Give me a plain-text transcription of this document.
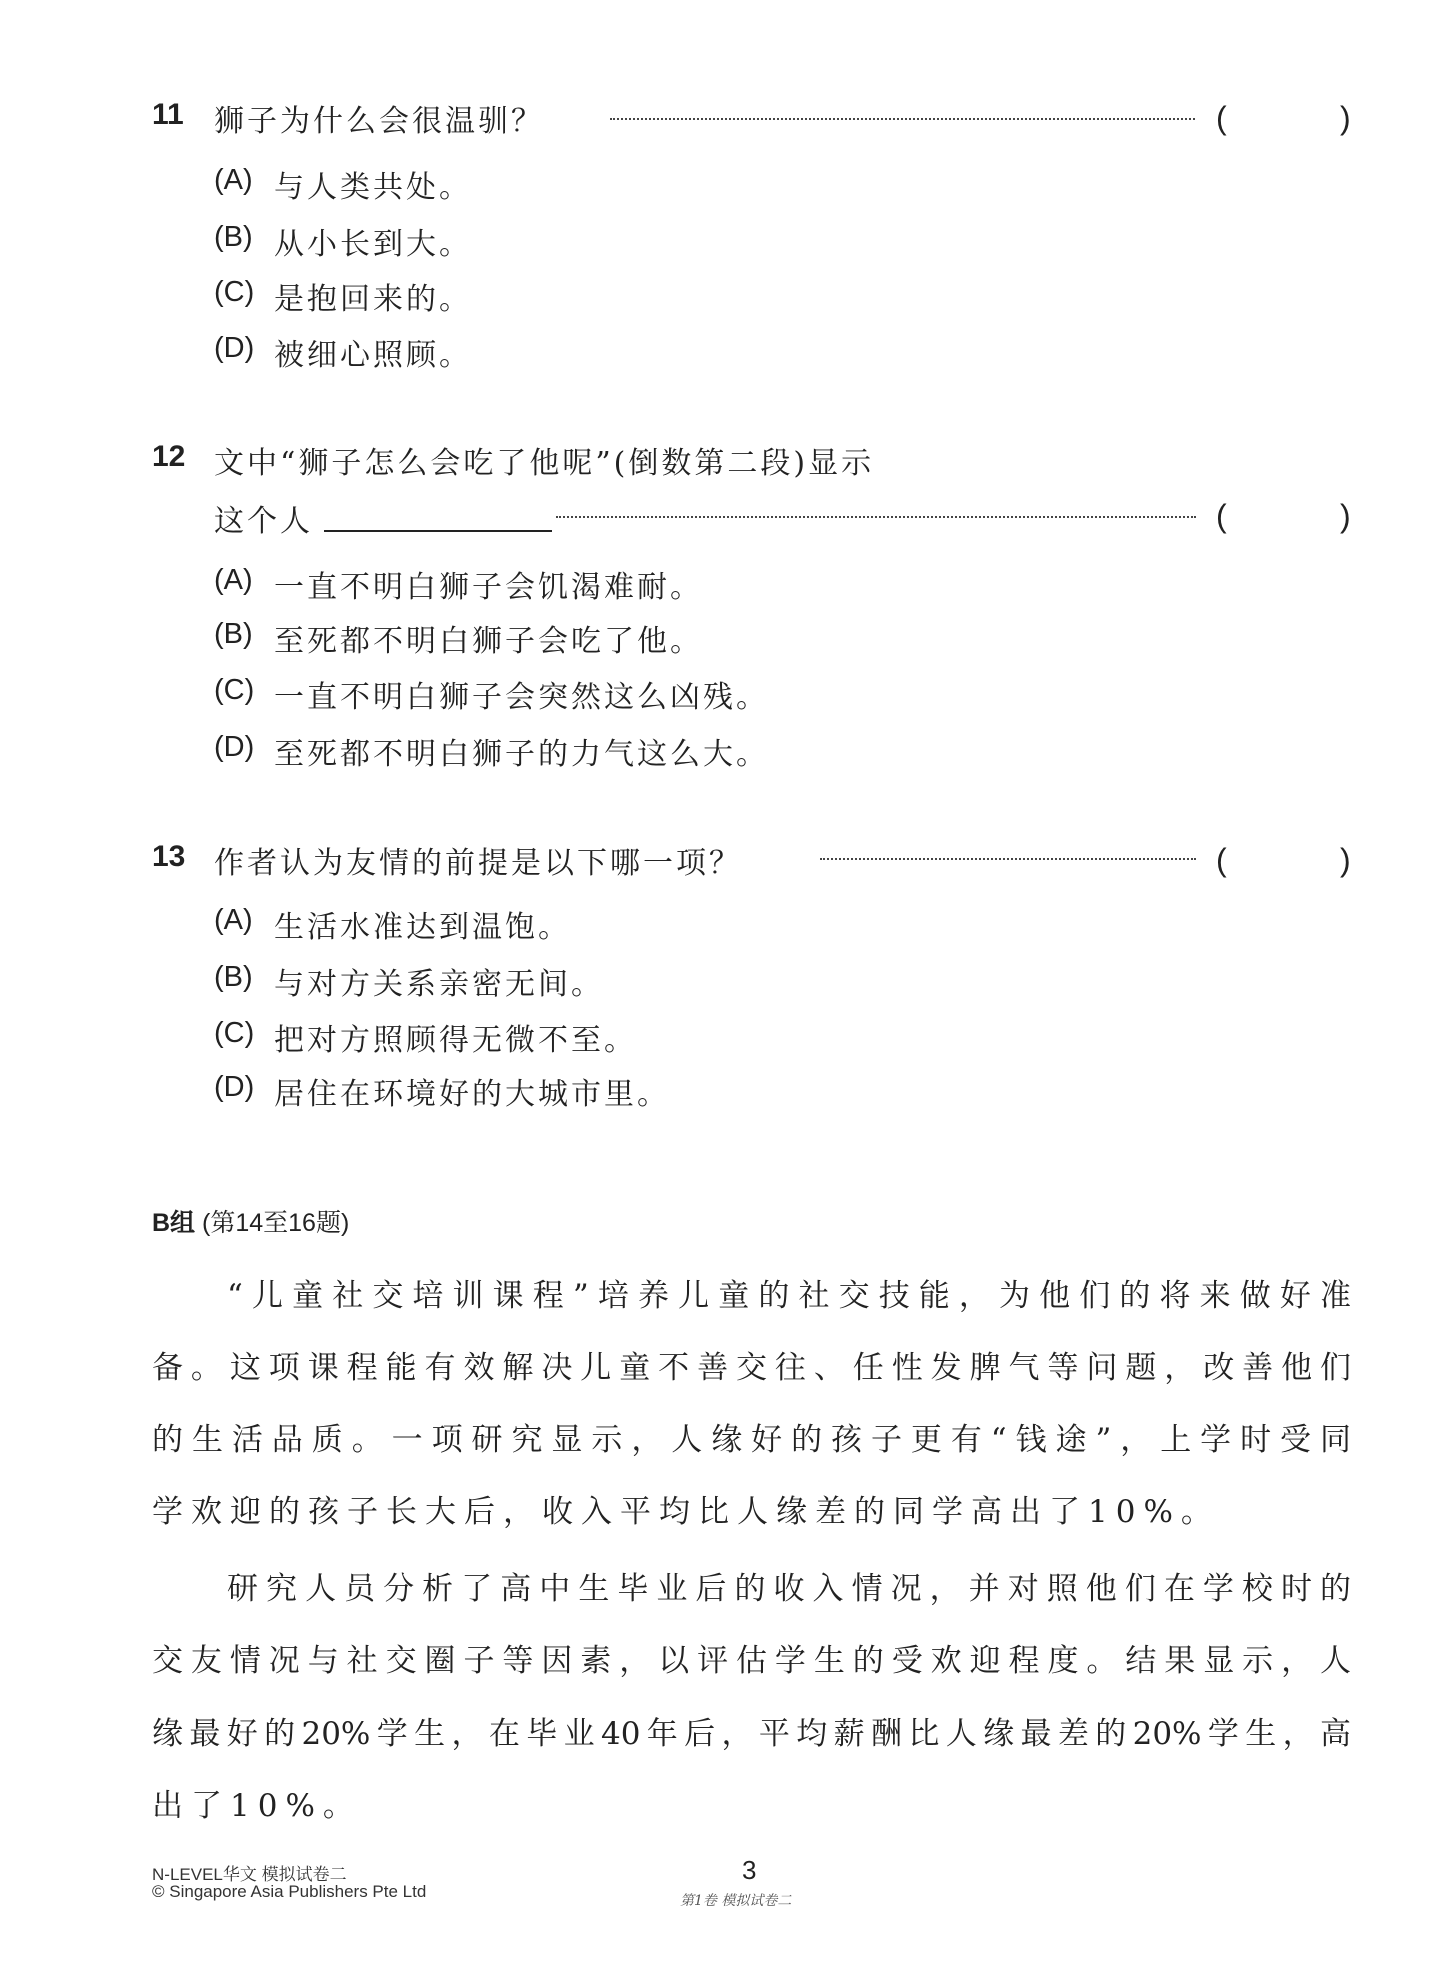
11 狮子为什么会很温驯？	(	)
12 文中“狮子怎么会吃了他呢”(倒数第二段)显示
这个人	(	)
13 作者认为友情的前提是以下哪一项？	(	)
(A) 与人类共处。
(B) 从小长到大。
(C) 是抱回来的。
(D) 被细心照顾。
(A) 一直不明白狮子会饥渴难耐。
(B) 至死都不明白狮子会吃了他。
(C) 一直不明白狮子会突然这么凶残。
(D) 至死都不明白狮子的力气这么大。
(A) 生活水准达到温饱。
(B) 与对方关系亲密无间。
(C) 把对方照顾得无微不至。
(D) 居住在环境好的大城市里。
B组 (第14至16题)
“儿童社交培训课程”培养儿童的社交技能，为他们的将来做好准
备。这项课程能有效解决儿童不善交往、任性发脾气等问题，改善他们
的生活品质。一项研究显示，人缘好的孩子更有“钱途”，上学时受同
学欢迎的孩子长大后，收入平均比人缘差的同学高出了10%。
研究人员分析了高中生毕业后的收入情况，并对照他们在学校时的
交友情况与社交圈子等因素，以评估学生的受欢迎程度。结果显示，人
缘最好的20%学生，在毕业40年后，平均薪酬比人缘最差的20%学生，高
出了10%。
N-LEVEL华文 模拟试卷二
© Singapore Asia Publishers Pte Ltd
3
第1卷 模拟试卷二
